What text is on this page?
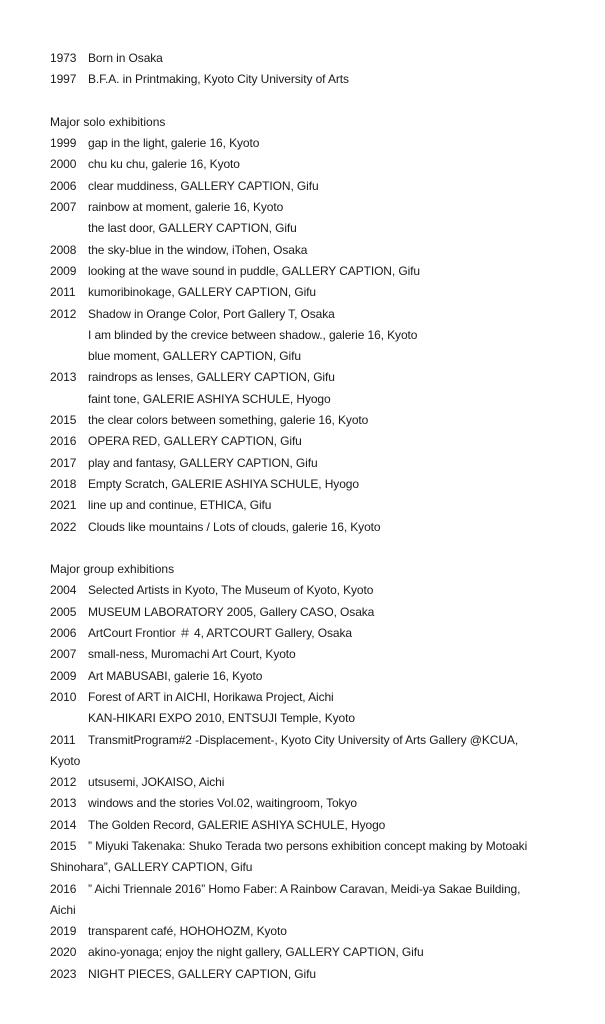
1973 Born in Osaka
1997 B.F.A. in Printmaking, Kyoto City University of Arts
Major solo exhibitions
1999 gap in the light, galerie 16, Kyoto
2000 chu ku chu, galerie 16, Kyoto
2006 clear muddiness, GALLERY CAPTION, Gifu
2007 rainbow at moment, galerie 16, Kyoto
the last door, GALLERY CAPTION, Gifu
2008 the sky‐blue in the window, iTohen, Osaka
2009 looking at the wave sound in puddle, GALLERY CAPTION, Gifu
2011 kumoribinokage, GALLERY CAPTION, Gifu
2012 Shadow in Orange Color, Port Gallery T, Osaka
I am blinded by the crevice between shadow., galerie 16, Kyoto
blue moment, GALLERY CAPTION, Gifu
2013 raindrops as lenses, GALLERY CAPTION, Gifu
faint tone, GALERIE ASHIYA SCHULE, Hyogo
2015 the clear colors between something, galerie 16, Kyoto
2016 OPERA RED, GALLERY CAPTION, Gifu
2017 play and fantasy, GALLERY CAPTION, Gifu
2018 Empty Scratch, GALERIE ASHIYA SCHULE, Hyogo
2021 line up and continue, ETHICA, Gifu
2022 Clouds like mountains / Lots of clouds, galerie 16, Kyoto
Major group exhibitions
2004 Selected Artists in Kyoto, The Museum of Kyoto, Kyoto
2005 MUSEUM LABORATORY 2005, Gallery CASO, Osaka
2006 ArtCourt Frontior ＃ 4, ARTCOURT Gallery, Osaka
2007 small-ness, Muromachi Art Court, Kyoto
2009 Art MABUSABI, galerie 16, Kyoto
2010 Forest of ART in AICHI, Horikawa Project, Aichi
KAN-HIKARI EXPO 2010, ENTSUJI Temple, Kyoto
2011 TransmitProgram#2 -Displacement-, Kyoto City University of Arts Gallery @KCUA,
Kyoto
2012 utsusemi, JOKAISO, Aichi
2013 windows and the stories Vol.02, waitingroom, Tokyo
2014 The Golden Record, GALERIE ASHIYA SCHULE, Hyogo
2015 ” Miyuki Takenaka: Shuko Terada two persons exhibition concept making by Motoaki
Shinohara”, GALLERY CAPTION, Gifu
2016 ” Aichi Triennale 2016” Homo Faber: A Rainbow Caravan, Meidi-ya Sakae Building,
Aichi
2019 transparent café, HOHOHOZM, Kyoto
2020 akino-yonaga; enjoy the night gallery, GALLERY CAPTION, Gifu
2023 NIGHT PIECES, GALLERY CAPTION, Gifu
